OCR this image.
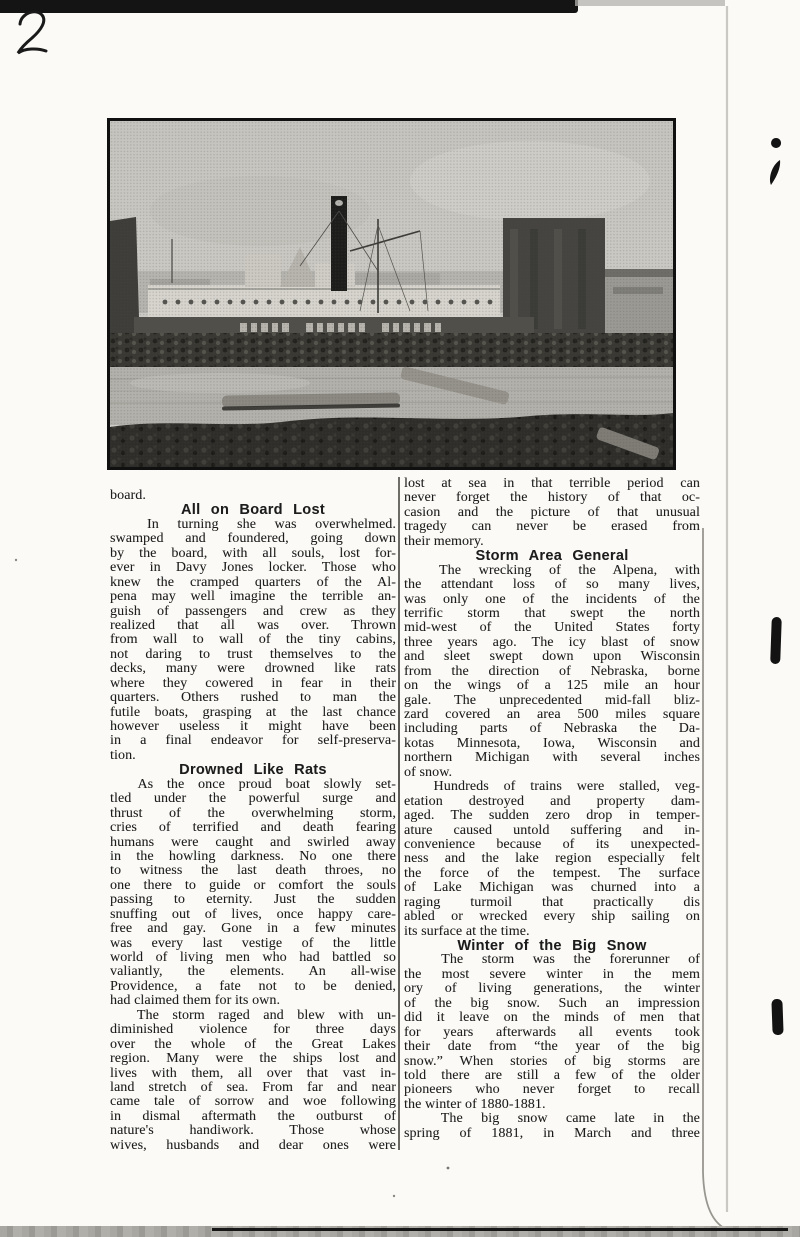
board.
All on Board Lost
In turning she was overwhelmed.
swamped and foundered, going down
by the board, with all souls, lost for-
ever in Davy Jones locker. Those who
knew the cramped quarters of the Al-
pena may well imagine the terrible an-
guish of passengers and crew as they
realized that all was over. Thrown
from wall to wall of the tiny cabins,
not daring to trust themselves to the
decks, many were drowned like rats
where they cowered in fear in their
quarters. Others rushed to man the
futile boats, grasping at the last chance
however useless it might have been
in a final endeavor for self-preserva-
tion.
Drowned Like Rats
As the once proud boat slowly set-
tled under the powerful surge and
thrust of the overwhelming storm,
cries of terrified and death fearing
humans were caught and swirled away
in the howling darkness. No one there
to witness the last death throes, no
one there to guide or comfort the souls
passing to eternity. Just the sudden
snuffing out of lives, once happy care-
free and gay. Gone in a few minutes
was every last vestige of the little
world of living men who had battled so
valiantly, the elements. An all-wise
Providence, a fate not to be denied,
had claimed them for its own.
The storm raged and blew with un-
diminished violence for three days
over the whole of the Great Lakes
region. Many were the ships lost and
lives with them, all over that vast in-
land stretch of sea. From far and near
came tale of sorrow and woe following
in dismal aftermath the outburst of
nature's handiwork. Those whose
wives, husbands and dear ones were
lost at sea in that terrible period can
never forget the history of that oc-
casion and the picture of that unusual
tragedy can never be erased from
their memory.
Storm Area General
The wrecking of the Alpena, with
the attendant loss of so many lives,
was only one of the incidents of the
terrific storm that swept the north
mid-west of the United States forty
three years ago. The icy blast of snow
and sleet swept down upon Wisconsin
from the direction of Nebraska, borne
on the wings of a 125 mile an hour
gale. The unprecedented mid-fall bliz-
zard covered an area 500 miles square
including parts of Nebraska the Da-
kotas Minnesota, Iowa, Wisconsin and
northern Michigan with several inches
of snow.
Hundreds of trains were stalled, veg-
etation destroyed and property dam-
aged. The sudden zero drop in temper-
ature caused untold suffering and in-
convenience because of its unexpected-
ness and the lake region especially felt
the force of the tempest. The surface
of Lake Michigan was churned into a
raging turmoil that practically dis
abled or wrecked every ship sailing on
its surface at the time.
Winter of the Big Snow
The storm was the forerunner of
the most severe winter in the mem
ory of living generations, the winter
of the big snow. Such an impression
did it leave on the minds of men that
for years afterwards all events took
their date from “the year of the big
snow.” When stories of big storms are
told there are still a few of the older
pioneers who never forget to recall
the winter of 1880-1881.
The big snow came late in the
spring of 1881, in March and three
